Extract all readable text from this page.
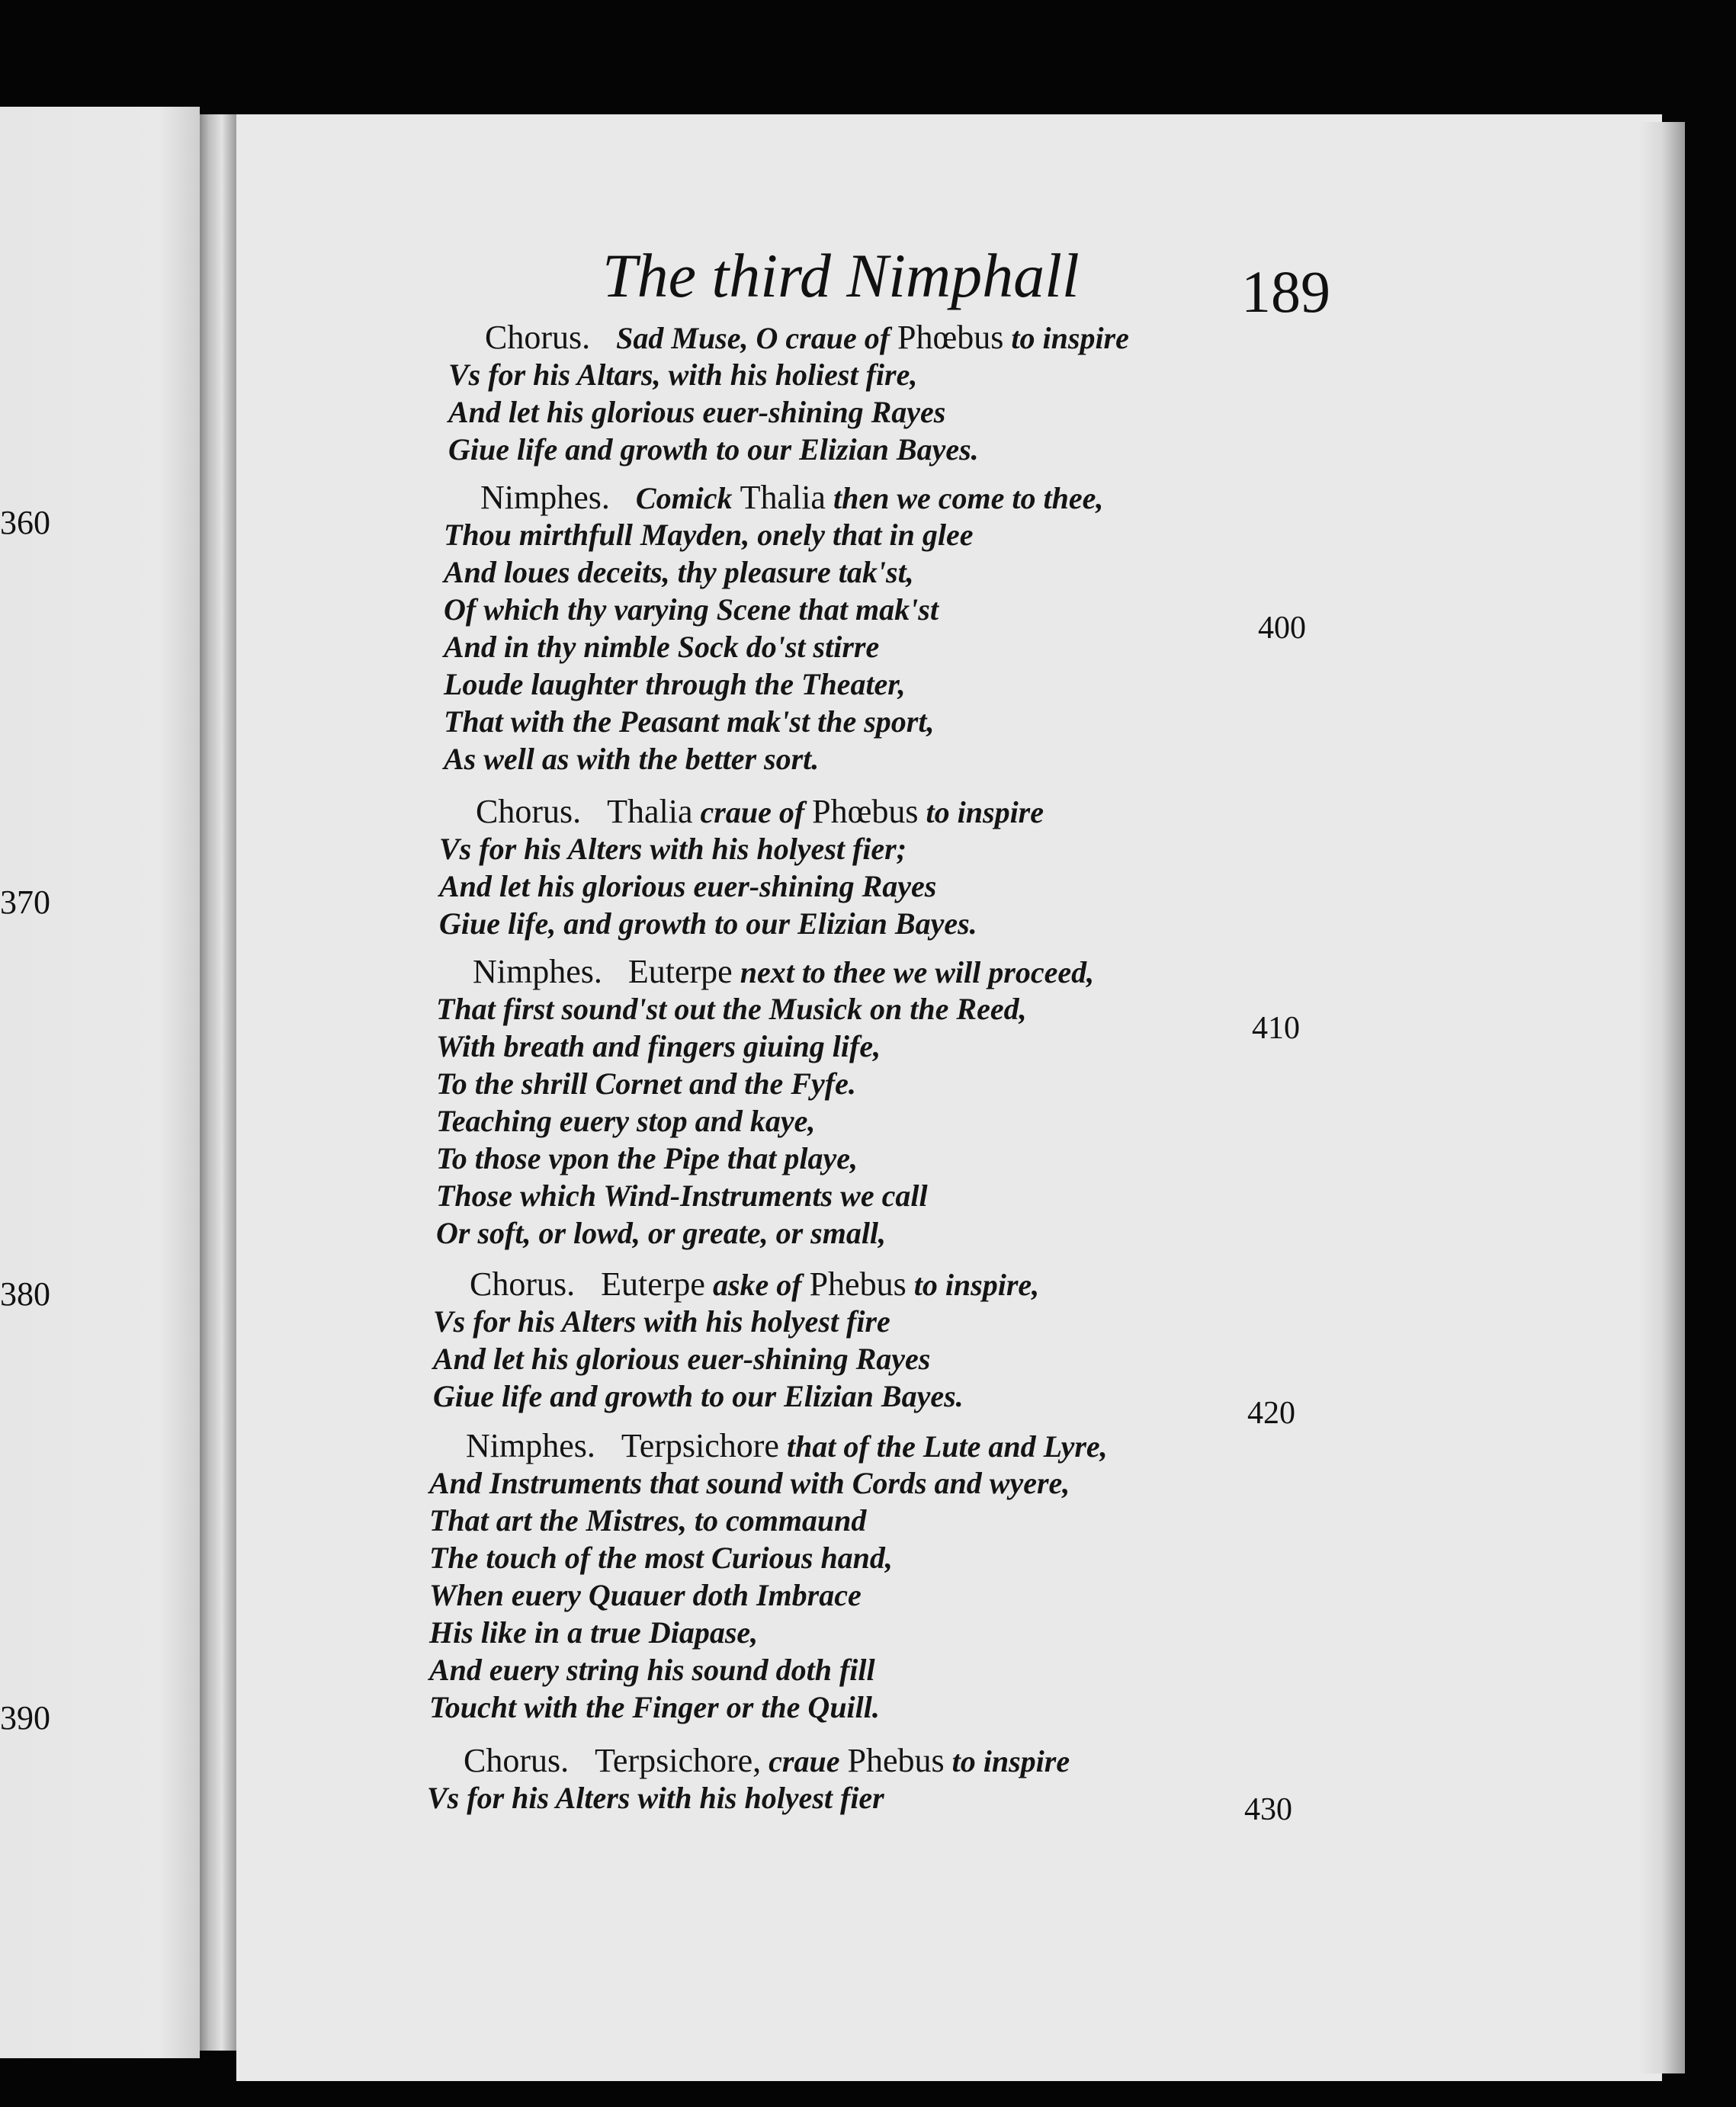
360
370
380
390
The third Nimphall	189
Chorus. Sad Muse, O craue of Phœbus to inspire
Vs for his Altars, with his holiest fire,
And let his glorious euer-shining Rayes
Giue life and growth to our Elizian Bayes.
Nimphes. Comick Thalia then we come to thee,
Thou mirthfull Mayden, onely that in glee
And loues deceits, thy pleasure tak'st,
Of which thy varying Scene that mak'st
And in thy nimble Sock do'st stirre
Loude laughter through the Theater,
That with the Peasant mak'st the sport,
As well as with the better sort.
Chorus. Thalia craue of Phœbus to inspire
Vs for his Alters with his holyest fier;
And let his glorious euer-shining Rayes
Giue life, and growth to our Elizian Bayes.
Nimphes. Euterpe next to thee we will proceed,
That first sound'st out the Musick on the Reed,
With breath and fingers giuing life,
To the shrill Cornet and the Fyfe.
Teaching euery stop and kaye,
To those vpon the Pipe that playe,
Those which Wind-Instruments we call
Or soft, or lowd, or greate, or small,
Chorus. Euterpe aske of Phebus to inspire,
Vs for his Alters with his holyest fire
And let his glorious euer-shining Rayes
Giue life and growth to our Elizian Bayes.
Nimphes. Terpsichore that of the Lute and Lyre,
And Instruments that sound with Cords and wyere,
That art the Mistres, to commaund
The touch of the most Curious hand,
When euery Quauer doth Imbrace
His like in a true Diapase,
And euery string his sound doth fill
Toucht with the Finger or the Quill.
Chorus. Terpsichore, craue Phebus to inspire
Vs for his Alters with his holyest fier
400
410
420
430
